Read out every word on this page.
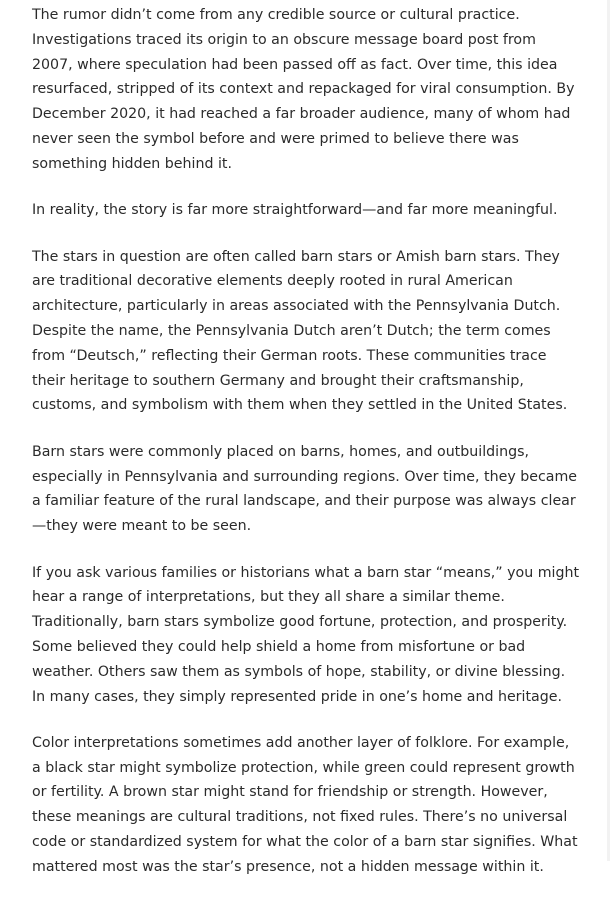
The rumor didn’t come from any credible source or cultural practice. Investigations traced its origin to an obscure message board post from 2007, where speculation had been passed off as fact. Over time, this idea resurfaced, stripped of its context and repackaged for viral consumption. By December 2020, it had reached a far broader audience, many of whom had never seen the symbol before and were primed to believe there was something hidden behind it.

In reality, the story is far more straightforward—and far more meaningful.

The stars in question are often called barn stars or Amish barn stars. They are traditional decorative elements deeply rooted in rural American architecture, particularly in areas associated with the Pennsylvania Dutch. Despite the name, the Pennsylvania Dutch aren’t Dutch; the term comes from “Deutsch,” reflecting their German roots. These communities trace their heritage to southern Germany and brought their craftsmanship, customs, and symbolism with them when they settled in the United States.

Barn stars were commonly placed on barns, homes, and outbuildings, especially in Pennsylvania and surrounding regions. Over time, they became a familiar feature of the rural landscape, and their purpose was always clear—they were meant to be seen.

If you ask various families or historians what a barn star “means,” you might hear a range of interpretations, but they all share a similar theme. Traditionally, barn stars symbolize good fortune, protection, and prosperity. Some believed they could help shield a home from misfortune or bad weather. Others saw them as symbols of hope, stability, or divine blessing. In many cases, they simply represented pride in one’s home and heritage.

Color interpretations sometimes add another layer of folklore. For example, a black star might symbolize protection, while green could represent growth or fertility. A brown star might stand for friendship or strength. However, these meanings are cultural traditions, not fixed rules. There’s no universal code or standardized system for what the color of a barn star signifies. What mattered most was the star’s presence, not a hidden message within it.
